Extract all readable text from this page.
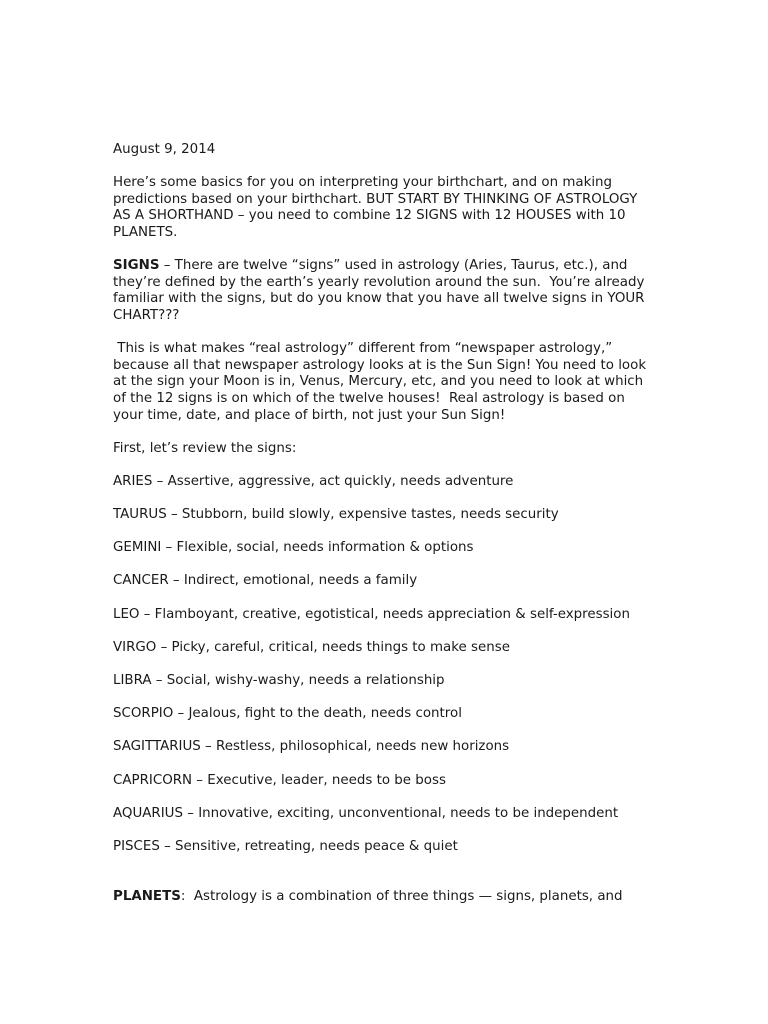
August 9, 2014

Here’s some basics for you on interpreting your birthchart, and on making predictions based on your birthchart. BUT START BY THINKING OF ASTROLOGY AS A SHORTHAND – you need to combine 12 SIGNS with 12 HOUSES with 10 PLANETS.

SIGNS – There are twelve “signs” used in astrology (Aries, Taurus, etc.), and they’re defined by the earth’s yearly revolution around the sun.  You’re already familiar with the signs, but do you know that you have all twelve signs in YOUR CHART???

This is what makes “real astrology” different from “newspaper astrology,” because all that newspaper astrology looks at is the Sun Sign! You need to look at the sign your Moon is in, Venus, Mercury, etc, and you need to look at which of the 12 signs is on which of the twelve houses!  Real astrology is based on your time, date, and place of birth, not just your Sun Sign!

First, let’s review the signs:

ARIES – Assertive, aggressive, act quickly, needs adventure

TAURUS – Stubborn, build slowly, expensive tastes, needs security

GEMINI – Flexible, social, needs information & options

CANCER – Indirect, emotional, needs a family

LEO – Flamboyant, creative, egotistical, needs appreciation & self-expression

VIRGO – Picky, careful, critical, needs things to make sense

LIBRA – Social, wishy-washy, needs a relationship

SCORPIO – Jealous, fight to the death, needs control

SAGITTARIUS – Restless, philosophical, needs new horizons

CAPRICORN – Executive, leader, needs to be boss

AQUARIUS – Innovative, exciting, unconventional, needs to be independent

PISCES – Sensitive, retreating, needs peace & quiet

PLANETS:  Astrology is a combination of three things — signs, planets, and
